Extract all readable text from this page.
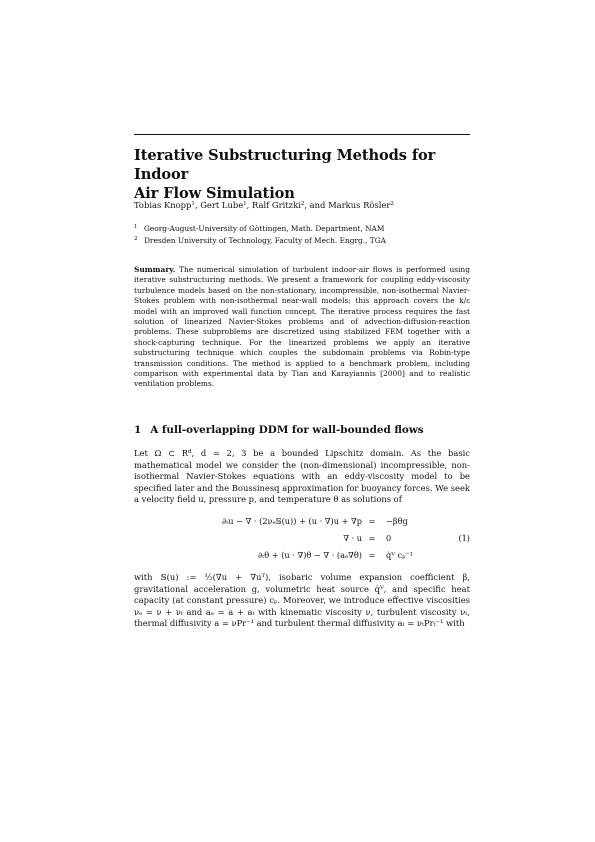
Iterative Substructuring Methods for Indoor
Air Flow Simulation
Tobias Knopp$^1$, Gert Lube$^1$, Ralf Gritzki$^2$, and Markus Rösler$^2$
1 Georg-August-University of Göttingen, Math. Department, NAM
2 Dresden University of Technology, Faculty of Mech. Engrg., TGA
Summary. The numerical simulation of turbulent indoor-air flows is performed using iterative substructuring methods. We present a framework for coupling eddy-viscosity turbulence models based on the non-stationary, incompressible, non-isothermal Navier-Stokes problem with non-isothermal near-wall models; this approach covers the k/ε model with an improved wall function concept. The iterative process requires the fast solution of linearized Navier-Stokes problems and of advection-diffusion-reaction problems. These subproblems are discretized using stabilized FEM together with a shock-capturing technique. For the linearized problems we apply an iterative substructuring technique which couples the subdomain problems via Robin-type transmission conditions. The method is applied to a benchmark problem, including comparison with experimental data by Tian and Karayiannis [2000] and to realistic ventilation problems.
1 A full-overlapping DDM for wall-bounded flows
Let Ω ⊂ $R^d$, d = 2, 3 be a bounded Lipschitz domain. As the basic mathematical model we consider the (non-dimensional) incompressible, non-isothermal Navier-Stokes equations with an eddy-viscosity model to be specified later and the Boussinesq approximation for buoyancy forces. We seek a velocity field u, pressure p, and temperature θ as solutions of
∂ₜu − ∇ · (2νₑ𝕊(u)) + (u · ∇)u + ∇p = −βθg
∇ · u = 0
∂ₜθ + (u · ∇)θ − ∇ · (aₑ∇θ) = q̇ⱽ cₚ⁻¹
(1)
with 𝕊(u) := ½(∇u + ∇uᵀ), isobaric volume expansion coefficient β, gravitational acceleration g, volumetric heat source q̇ⱽ, and specific heat capacity (at constant pressure) cₚ. Moreover, we introduce effective viscosities νₑ = ν + νₜ and aₑ = a + aₜ with kinematic viscosity ν, turbulent viscosity νₜ, thermal diffusivity a = νPr⁻¹ and turbulent thermal diffusivity aₜ = νₜPrₜ⁻¹ with
